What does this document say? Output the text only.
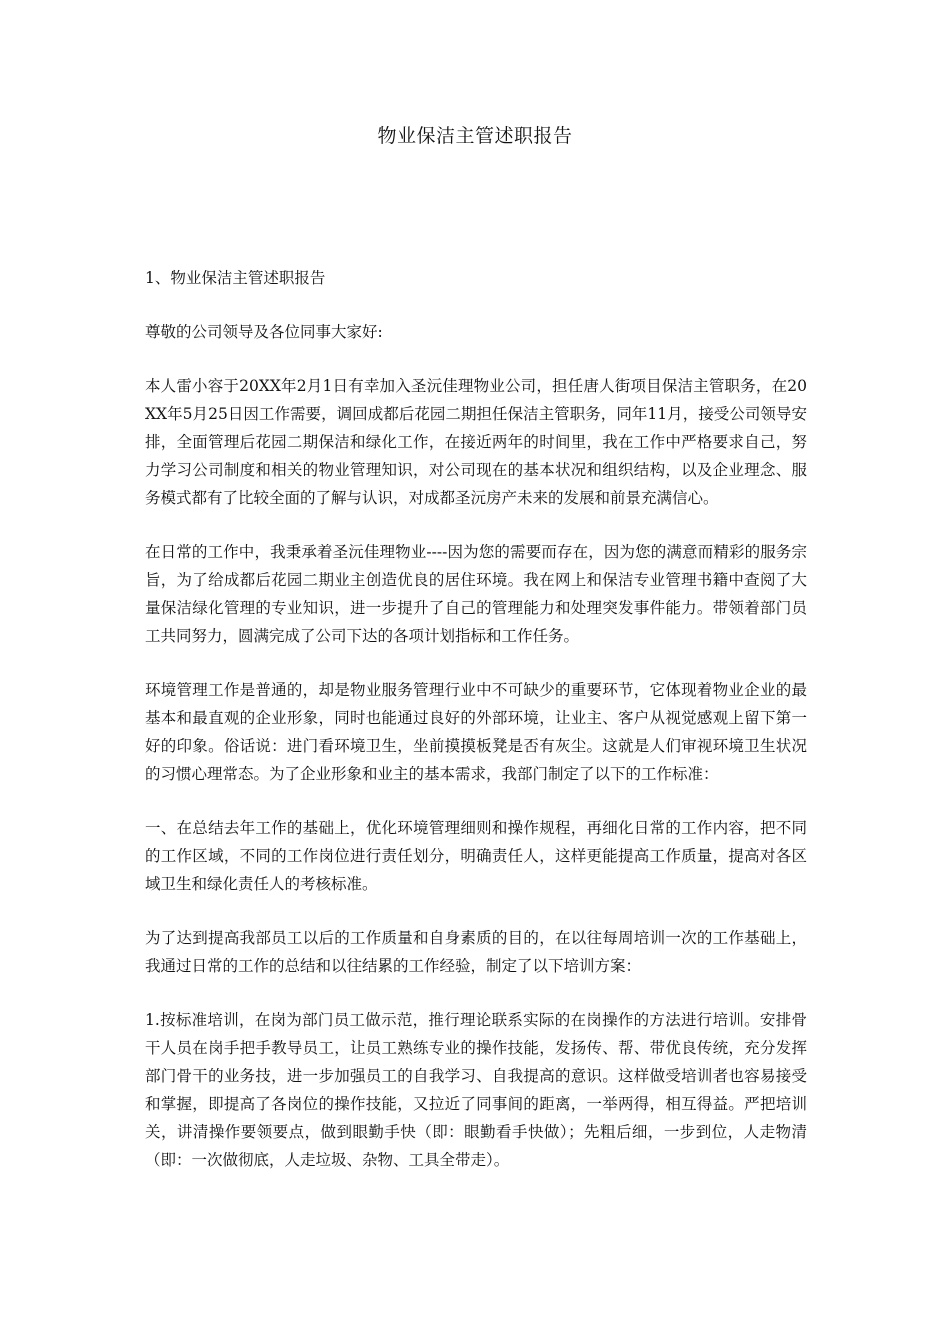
物业保洁主管述职报告

1、物业保洁主管述职报告

尊敬的公司领导及各位同事大家好:

本人雷小容于20XX年2月1日有幸加入圣沅佳理物业公司，担任唐人街项目保洁主管职务，在20XX年5月25日因工作需要，调回成都后花园二期担任保洁主管职务，同年11月，接受公司领导安排，全面管理后花园二期保洁和绿化工作，在接近两年的时间里，我在工作中严格要求自己，努力学习公司制度和相关的物业管理知识，对公司现在的基本状况和组织结构，以及企业理念、服务模式都有了比较全面的了解与认识，对成都圣沅房产未来的发展和前景充满信心。

在日常的工作中，我秉承着圣沅佳理物业----因为您的需要而存在，因为您的满意而精彩的服务宗旨，为了给成都后花园二期业主创造优良的居住环境。我在网上和保洁专业管理书籍中查阅了大量保洁绿化管理的专业知识，进一步提升了自己的管理能力和处理突发事件能力。带领着部门员工共同努力，圆满完成了公司下达的各项计划指标和工作任务。

环境管理工作是普通的，却是物业服务管理行业中不可缺少的重要环节，它体现着物业企业的最基本和最直观的企业形象，同时也能通过良好的外部环境，让业主、客户从视觉感观上留下第一好的印象。俗话说：进门看环境卫生，坐前摸摸板凳是否有灰尘。这就是人们审视环境卫生状况的习惯心理常态。为了企业形象和业主的基本需求，我部门制定了以下的工作标准：

一、在总结去年工作的基础上，优化环境管理细则和操作规程，再细化日常的工作内容，把不同的工作区域，不同的工作岗位进行责任划分，明确责任人，这样更能提高工作质量，提高对各区域卫生和绿化责任人的考核标准。

为了达到提高我部员工以后的工作质量和自身素质的目的，在以往每周培训一次的工作基础上，我通过日常的工作的总结和以往结累的工作经验，制定了以下培训方案：

1.按标准培训，在岗为部门员工做示范，推行理论联系实际的在岗操作的方法进行培训。安排骨干人员在岗手把手教导员工，让员工熟练专业的操作技能，发扬传、帮、带优良传统，充分发挥部门骨干的业务技，进一步加强员工的自我学习、自我提高的意识。这样做受培训者也容易接受和掌握，即提高了各岗位的操作技能，又拉近了同事间的距离，一举两得，相互得益。严把培训关，讲清操作要领要点，做到眼勤手快（即：眼勤看手快做）；先粗后细，一步到位，人走物清（即：一次做彻底，人走垃圾、杂物、工具全带走）。
